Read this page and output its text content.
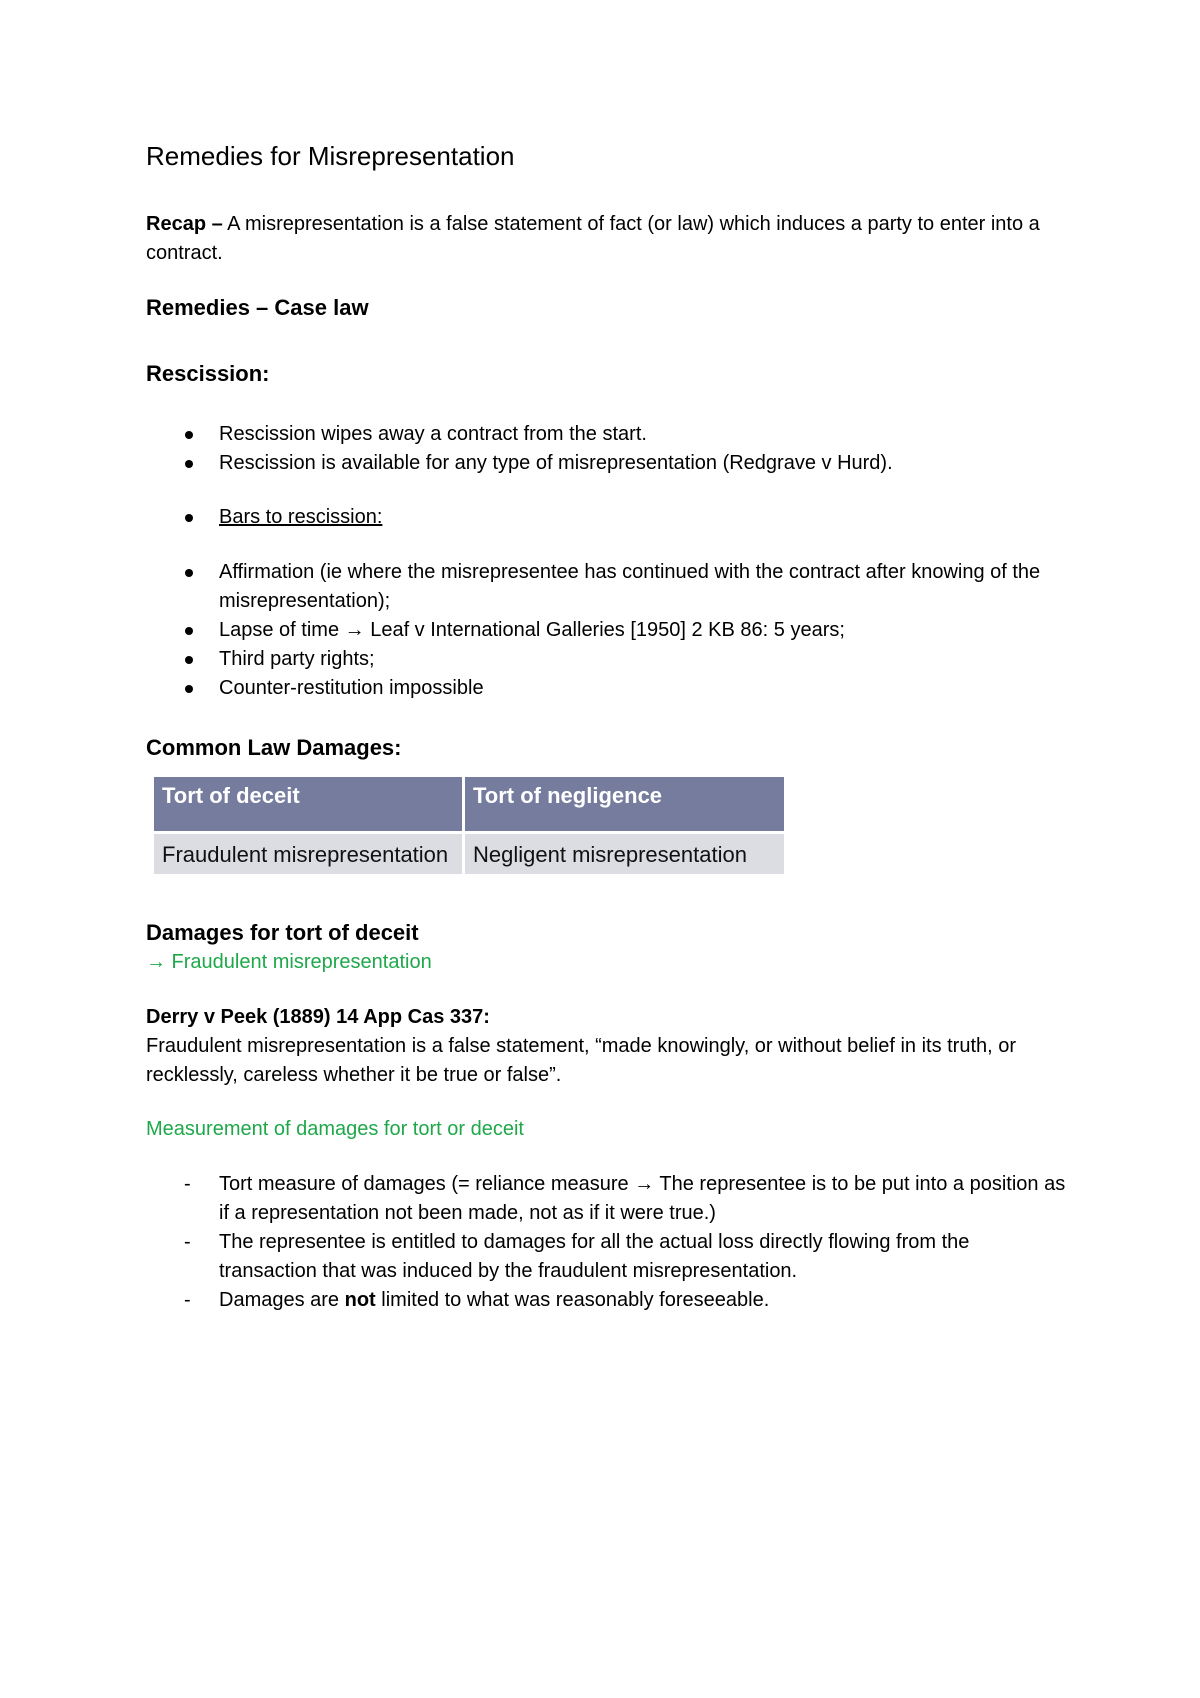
Remedies for Misrepresentation

Recap – A misrepresentation is a false statement of fact (or law) which induces a party to enter into a contract.

Remedies – Case law
Rescission:
Rescission wipes away a contract from the start.
Rescission is available for any type of misrepresentation (Redgrave v Hurd).
Bars to rescission:
Affirmation (ie where the misrepresentee has continued with the contract after knowing of the misrepresentation);
Lapse of time → Leaf v International Galleries [1950] 2 KB 86: 5 years;
Third party rights;
Counter-restitution impossible
Common Law Damages:
Tort of deceit	Tort of negligence
Fraudulent misrepresentation	Negligent misrepresentation
Damages for tort of deceit

→ Fraudulent misrepresentation

Derry v Peek (1889) 14 App Cas 337:

Fraudulent misrepresentation is a false statement, “made knowingly, or without belief in its truth, or recklessly, careless whether it be true or false”.

Measurement of damages for tort or deceit

- Tort measure of damages (= reliance measure → The representee is to be put into a position as if a representation not been made, not as if it were true.)
- The representee is entitled to damages for all the actual loss directly flowing from the transaction that was induced by the fraudulent misrepresentation.
- Damages are not limited to what was reasonably foreseeable.
